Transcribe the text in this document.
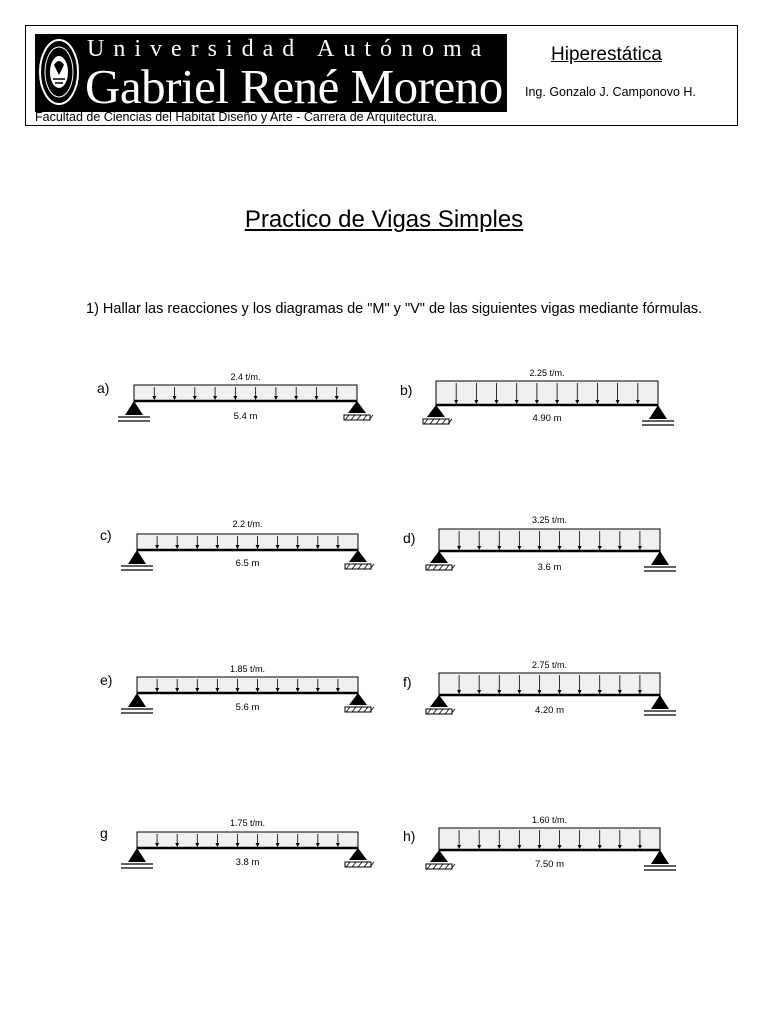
Universidad Autónoma
Gabriel René Moreno
Facultad de Ciencias del Habitat Diseño y Arte - Carrera de Arquitectura.
Hiperestática
Ing. Gonzalo J. Camponovo H.
Practico de Vigas Simples
1) Hallar las reacciones y los diagramas de "M" y "V" de las siguientes vigas mediante fórmulas.
2.4 t/m.
5.4 m
a)
2.25 t/m.
4.90 m
b)
2.2 t/m.
6.5 m
c)
3.25 t/m.
3.6 m
d)
1.85 t/m.
5.6 m
e)
2.75 t/m.
4.20 m
f)
1.75 t/m.
3.8 m
g
1.60 t/m.
7.50 m
h)
